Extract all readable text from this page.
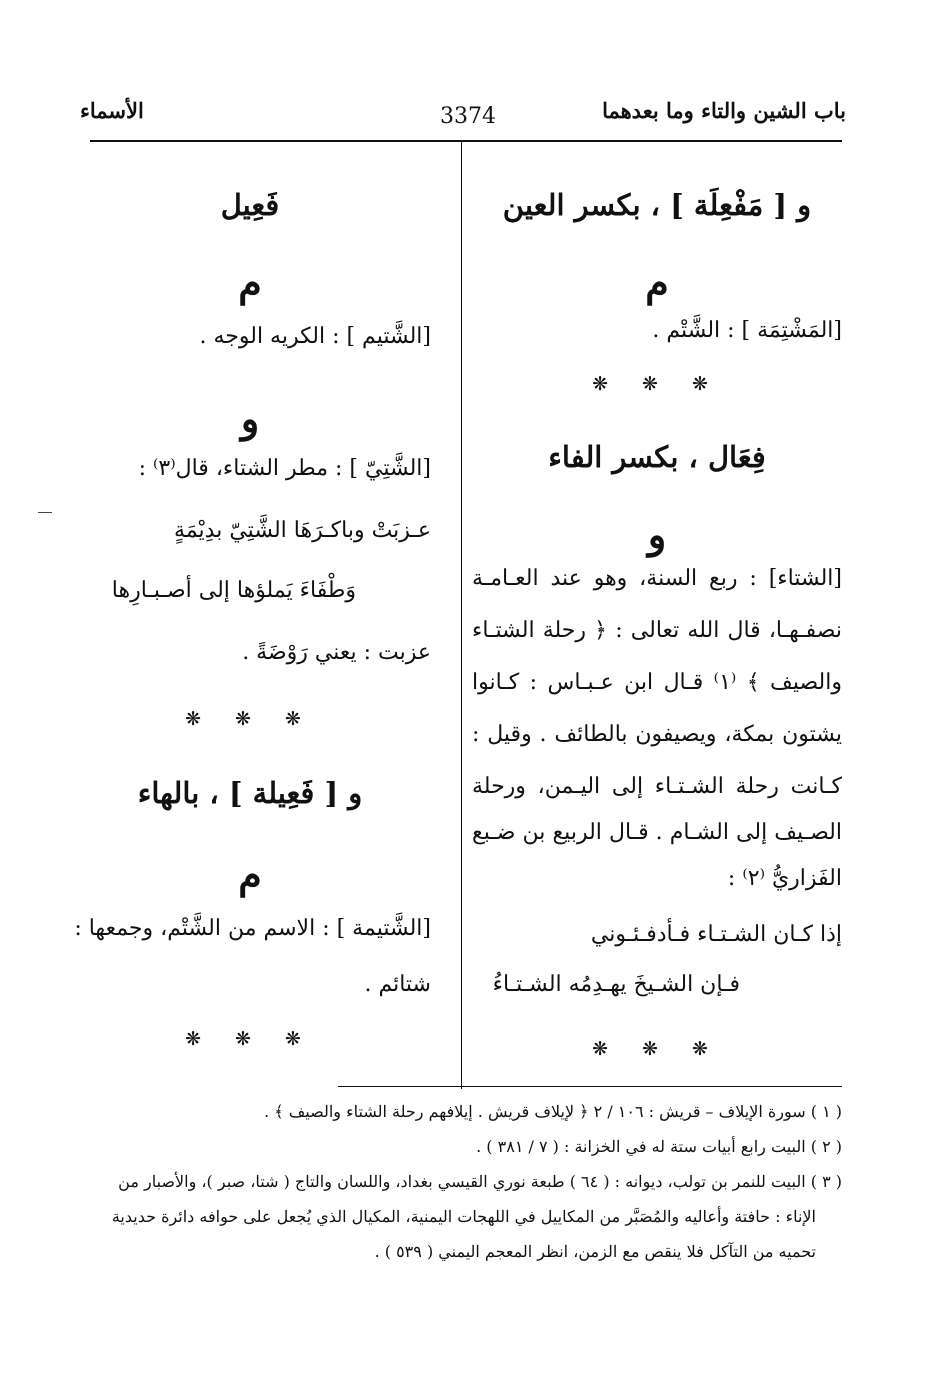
باب الشين والتاء وما بعدهما
3374
الأسماء
و [ مَفْعِلَة ] ، بكسر العين
م
[المَشْتِمَة ] : الشَّتْم .
❋ ❋ ❋
فِعَال ، بكسر الفاء
و
[الشتاء] : ربع السنة، وهو عند العـامـة
نصفـهـا، قال الله تعالى : ﴿ رحلة الشتـاء
والصيف ﴾ ⁽١⁾ قـال ابن عـبـاس : كـانوا
يشتون بمكة، ويصيفون بالطائف . وقيل :
كـانت رحلة الشـتـاء إلى اليـمن، ورحلة
الصـيف إلى الشـام . قـال الربيع بن ضـبع
الفَزاريُّ ⁽٢⁾ :
إذا كـان الشـتـاء فـأدفـئـوني
فـإن الشـيخَ يهـدِمُه الشـتـاءُ
❋ ❋ ❋
فَعِيل
م
[الشَّتيم ] : الكريه الوجه .
و
[الشَّتِيّ ] : مطر الشتاء، قال⁽٣⁾ :
عـزبَتْ وباكـرَهَا الشَّتِيّ بدِيْمَةٍ
وَطْفَاءَ يَملؤها إلى أصـبـارِها
عزبت : يعني رَوْضَةً .
❋ ❋ ❋
و [ فَعِيلة ] ، بالهاء
م
[الشَّتيمة ] : الاسم من الشَّتْم، وجمعها :
شتائم .
❋ ❋ ❋
( ١ ) سورة الإيلاف – قريش : ١٠٦ / ٢ ﴿ لإيلاف قريش . إيلافهم رحلة الشتاء والصيف ﴾ .
( ٢ ) البيت رابع أبيات ستة له في الخزانة : ( ٧ / ٣٨١ ) .
( ٣ ) البيت للنمر بن تولب، ديوانه : ( ٦٤ ) طبعة نوري القيسي بغداد، واللسان والتاج ( شتا، صبر )، والأصبار من
الإناء : حافتة وأعاليه والمُصَبَّر من المكاييل في اللهجات اليمنية، المكيال الذي يُجعل على حوافه دائرة حديدية
تحميه من التآكل فلا ينقص مع الزمن، انظر المعجم اليمني ( ٥٣٩ ) .
